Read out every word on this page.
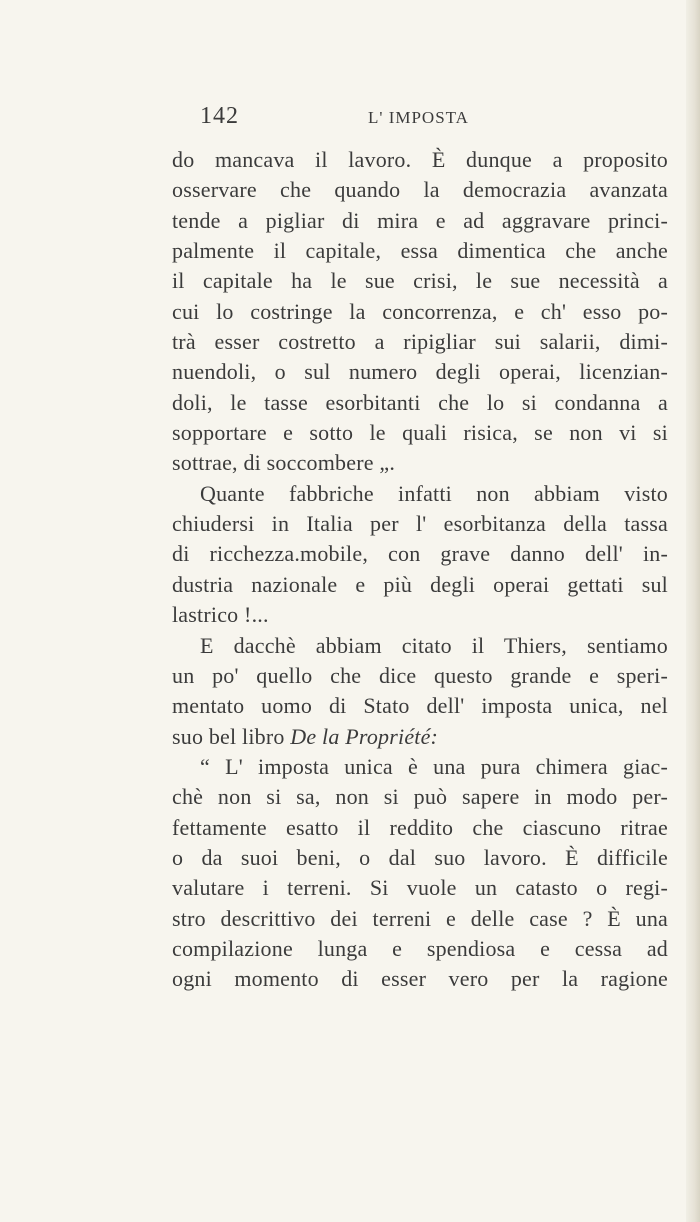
142	L' IMPOSTA
do mancava il lavoro. È dunque a proposito
osservare che quando la democrazia avanzata
tende a pigliar di mira e ad aggravare princi-
palmente il capitale, essa dimentica che anche
il capitale ha le sue crisi, le sue necessità a
cui lo costringe la concorrenza, e ch' esso po-
trà esser costretto a ripigliar sui salarii, dimi-
nuendoli, o sul numero degli operai, licenzian-
doli, le tasse esorbitanti che lo si condanna a
sopportare e sotto le quali risica, se non vi si
sottrae, di soccombere „.
Quante fabbriche infatti non abbiam visto
chiudersi in Italia per l' esorbitanza della tassa
di ricchezza.mobile, con grave danno dell' in-
dustria nazionale e più degli operai gettati sul
lastrico !...
E dacchè abbiam citato il Thiers, sentiamo
un po' quello che dice questo grande e speri-
mentato uomo di Stato dell' imposta unica, nel
suo bel libro De la Propriété:
“ L' imposta unica è una pura chimera giac-
chè non si sa, non si può sapere in modo per-
fettamente esatto il reddito che ciascuno ritrae
o da suoi beni, o dal suo lavoro. È difficile
valutare i terreni. Si vuole un catasto o regi-
stro descrittivo dei terreni e delle case ? È una
compilazione lunga e spendiosa e cessa ad
ogni momento di esser vero per la ragione
